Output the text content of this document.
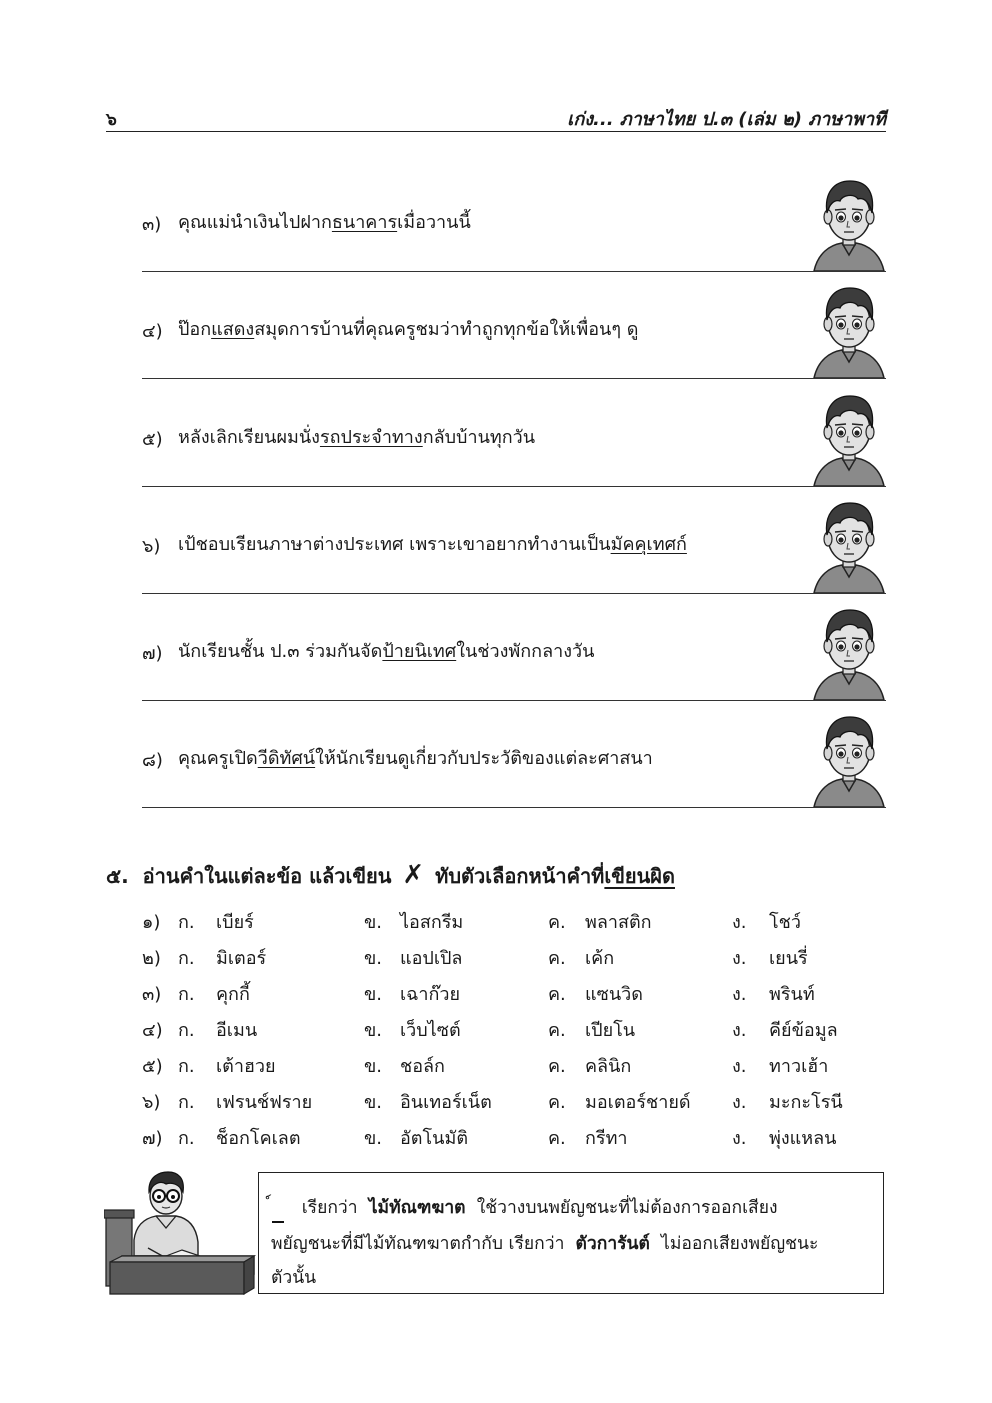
๖	เก่ง... ภาษาไทย ป.๓ (เล่ม ๒) ภาษาพาที
๓) คุณแม่นำเงินไปฝากธนาคารเมื่อวานนี้
๔) ป๊อกแสดงสมุดการบ้านที่คุณครูชมว่าทำถูกทุกข้อให้เพื่อนๆ ดู
๕) หลังเลิกเรียนผมนั่งรถประจำทางกลับบ้านทุกวัน
๖) เป้ชอบเรียนภาษาต่างประเทศ เพราะเขาอยากทำงานเป็นมัคคุเทศก์
๗) นักเรียนชั้น ป.๓ ร่วมกันจัดป้ายนิเทศในช่วงพักกลางวัน
๘) คุณครูเปิดวีดิทัศน์ให้นักเรียนดูเกี่ยวกับประวัติของแต่ละศาสนา
๕. อ่านคำในแต่ละข้อ แล้วเขียน ✗ ทับตัวเลือกหน้าคำที่เขียนผิด
๑) ก. เบียร์	ข. ไอสกรีม	ค. พลาสติก	ง. โชว์
๒) ก. มิเตอร์	ข. แอปเปิล	ค. เค้ก	ง. เยนรี่
๓) ก. คุกกี้	ข. เฉาก๊วย	ค. แซนวิด	ง. พรินท์
๔) ก. อีเมน	ข. เว็บไซต์	ค. เปียโน	ง. คีย์ข้อมูล
๕) ก. เต้าฮวย	ข. ชอล์ก	ค. คลินิก	ง. ทาวเฮ้า
๖) ก. เฟรนช์ฟราย	ข. อินเทอร์เน็ต	ค. มอเตอร์ชายด์ ง. มะกะโรนี
๗) ก. ช็อกโคเลต	ข. อัตโนมัติ	ค. กรีทา	ง. พุ่งแหลน
เรียกว่า ไม้ทัณฑฆาต ใช้วางบนพยัญชนะที่ไม่ต้องการออกเสียง
พยัญชนะที่มีไม้ทัณฑฆาตกำกับ เรียกว่า ตัวการันต์ ไม่ออกเสียงพยัญชนะ
ตัวนั้น
